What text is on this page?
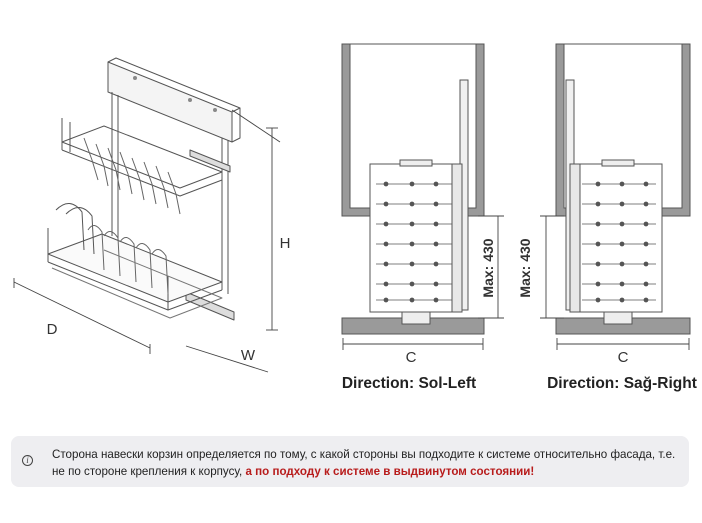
D
H
W
Max: 430
C
Direction: Sol-Left
Max: 430
C
Direction: Sağ-Right
i	Сторона навески корзин определяется по тому, с какой стороны вы подходите к системе относительно фасада, т.е. не по стороне крепления к корпусу, а по подходу к системе в выдвинутом состоянии!
